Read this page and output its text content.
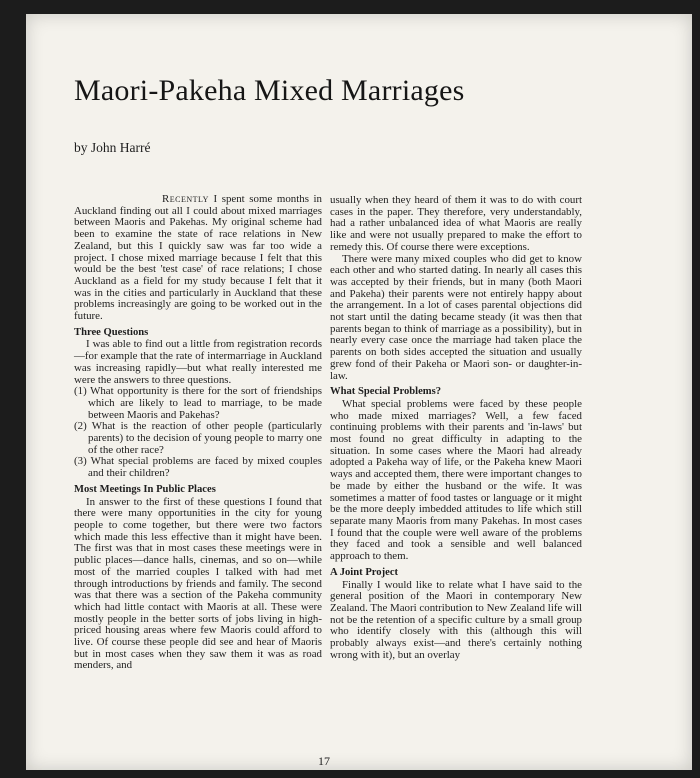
Maori-Pakeha Mixed Marriages
by John Harré

Recently I spent some months in Auckland finding out all I could about mixed marriages between Maoris and Pakehas. My original scheme had been to examine the state of race relations in New Zealand, but this I quickly saw was far too wide a project. I chose mixed marriage because I felt that this would be the best 'test case' of race relations; I chose Auckland as a field for my study because I felt that it was in the cities and particularly in Auckland that these problems increasingly are going to be worked out in the future.

Three Questions

I was able to find out a little from registration records—for example that the rate of intermarriage in Auckland was increasing rapidly—but what really interested me were the answers to three questions.

(1) What opportunity is there for the sort of friendships which are likely to lead to marriage, to be made between Maoris and Pakehas?
(2) What is the reaction of other people (particularly parents) to the decision of young people to marry one of the other race?
(3) What special problems are faced by mixed couples and their children?
Most Meetings In Public Places

In answer to the first of these questions I found that there were many opportunities in the city for young people to come together, but there were two factors which made this less effective than it might have been. The first was that in most cases these meetings were in public places—dance halls, cinemas, and so on—while most of the married couples I talked with had met through introductions by friends and family. The second was that there was a section of the Pakeha community which had little contact with Maoris at all. These were mostly people in the better sorts of jobs living in high-priced housing areas where few Maoris could afford to live. Of course these people did see and hear of Maoris but in most cases when they saw them it was as road menders, and

usually when they heard of them it was to do with court cases in the paper. They therefore, very understandably, had a rather unbalanced idea of what Maoris are really like and were not usually prepared to make the effort to remedy this. Of course there were exceptions.

There were many mixed couples who did get to know each other and who started dating. In nearly all cases this was accepted by their friends, but in many (both Maori and Pakeha) their parents were not entirely happy about the arrangement. In a lot of cases parental objections did not start until the dating became steady (it was then that parents began to think of marriage as a possibility), but in nearly every case once the marriage had taken place the parents on both sides accepted the situation and usually grew fond of their Pakeha or Maori son- or daughter-in-law.

What Special Problems?

What special problems were faced by these people who made mixed marriages? Well, a few faced continuing problems with their parents and 'in-laws' but most found no great difficulty in adapting to the situation. In some cases where the Maori had already adopted a Pakeha way of life, or the Pakeha knew Maori ways and accepted them, there were important changes to be made by either the husband or the wife. It was sometimes a matter of food tastes or language or it might be the more deeply imbedded attitudes to life which still separate many Maoris from many Pakehas. In most cases I found that the couple were well aware of the problems they faced and took a sensible and well balanced approach to them.

A Joint Project

Finally I would like to relate what I have said to the general position of the Maori in contemporary New Zealand. The Maori contribution to New Zealand life will not be the retention of a specific culture by a small group who identify closely with this (although this will probably always exist—and there's certainly nothing wrong with it), but an overlay

17
